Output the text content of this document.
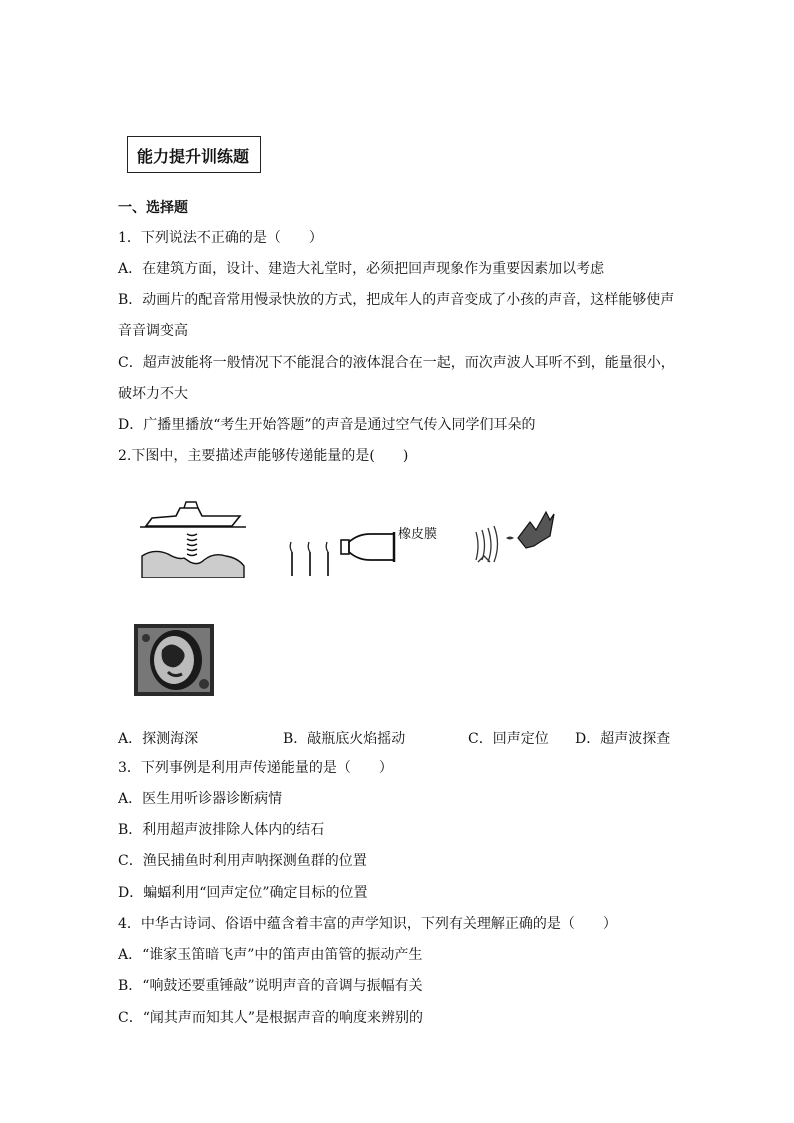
能力提升训练题
一、选择题
1．下列说法不正确的是（　　）
A．在建筑方面，设计、建造大礼堂时，必须把回声现象作为重要因素加以考虑
B．动画片的配音常用慢录快放的方式，把成年人的声音变成了小孩的声音，这样能够使声
音音调变高
C．超声波能将一般情况下不能混合的液体混合在一起，而次声波人耳听不到，能量很小，
破坏力不大
D．广播里播放“考生开始答题”的声音是通过空气传入同学们耳朵的
2.下图中，主要描述声能够传递能量的是(　　)
橡皮膜
A．探测海深	B．敲瓶底火焰摇动	C．回声定位 D．超声波探查
3．下列事例是利用声传递能量的是（　　）
A．医生用听诊器诊断病情
B．利用超声波排除人体内的结石
C．渔民捕鱼时利用声呐探测鱼群的位置
D．蝙蝠利用“回声定位”确定目标的位置
4．中华古诗词、俗语中蕴含着丰富的声学知识，下列有关理解正确的是（　　）
A．“谁家玉笛暗飞声”中的笛声由笛管的振动产生
B．“响鼓还要重锤敲”说明声音的音调与振幅有关
C．“闻其声而知其人”是根据声音的响度来辨别的
